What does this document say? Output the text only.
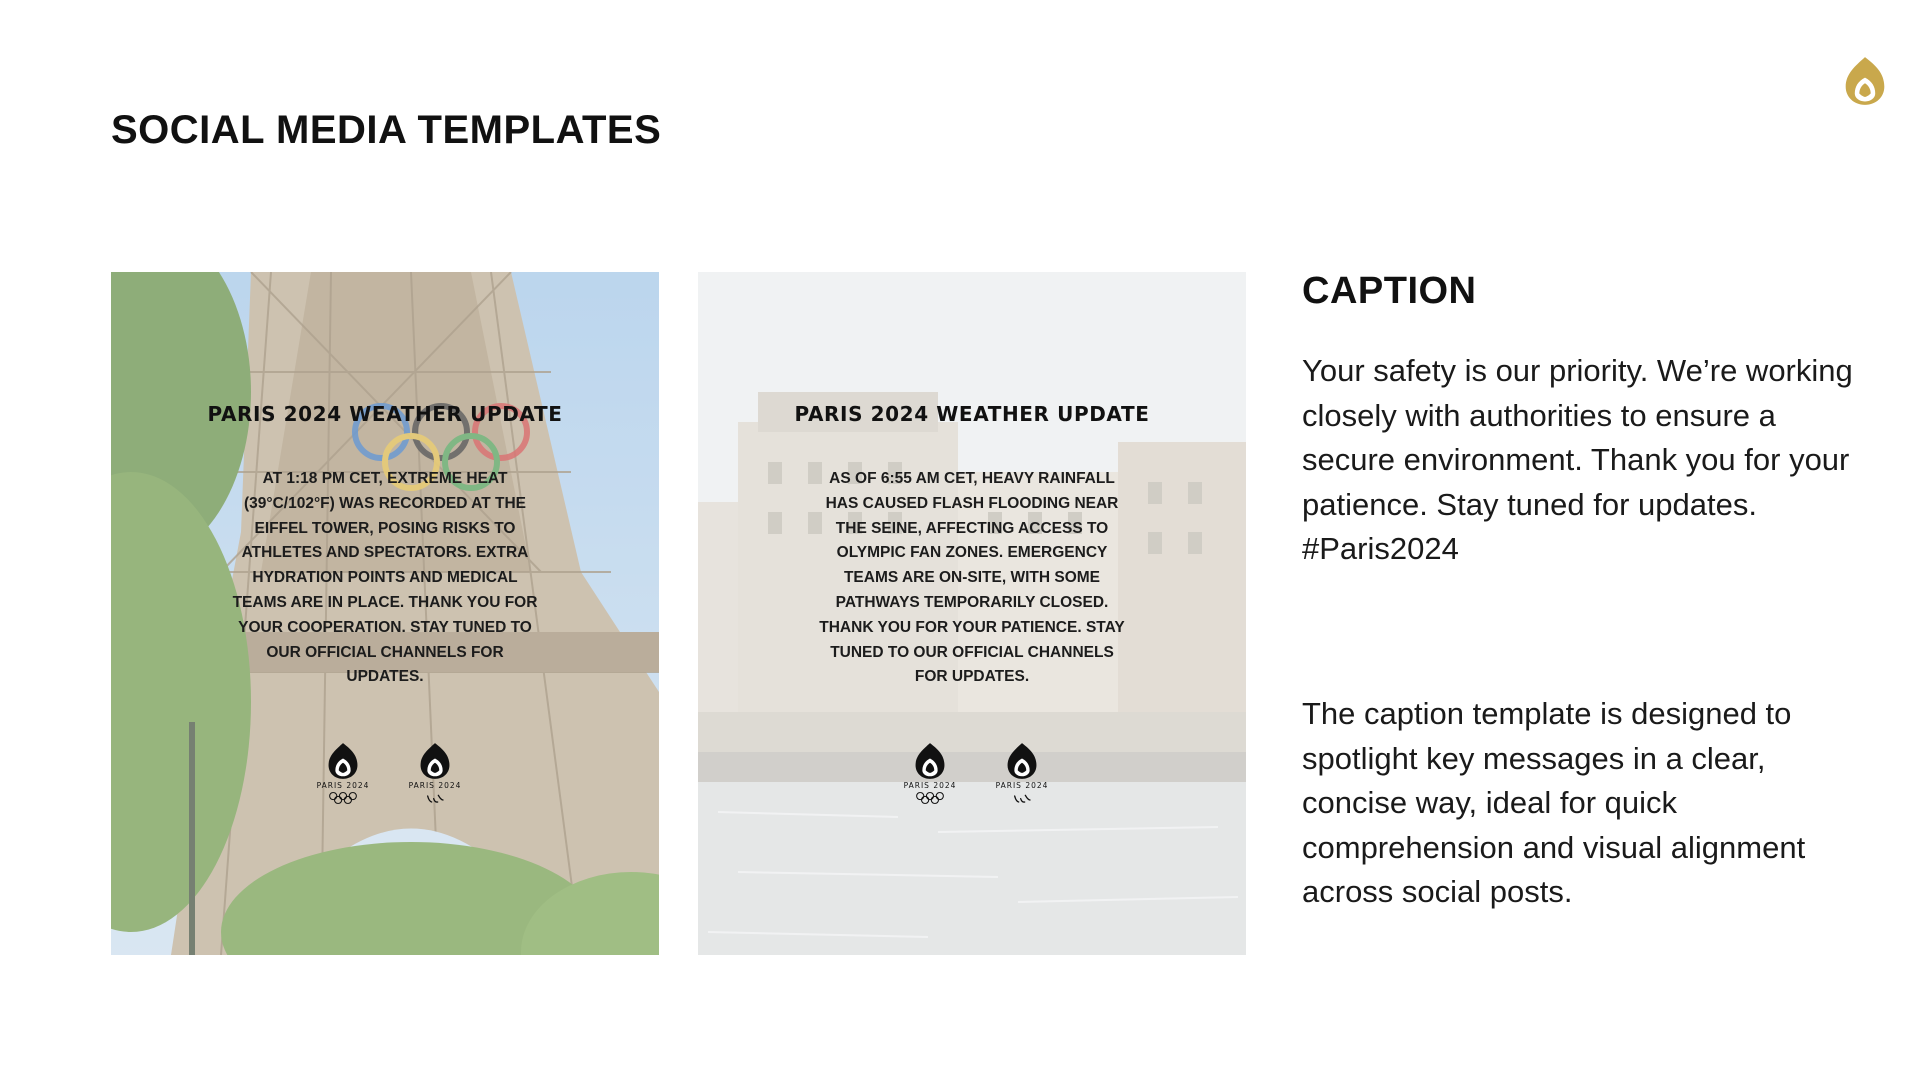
SOCIAL MEDIA TEMPLATES
PARIS 2024 WEATHER UPDATE
AT 1:18 PM CET, EXTREME HEAT (39°C/102°F) WAS RECORDED AT THE EIFFEL TOWER, POSING RISKS TO ATHLETES AND SPECTATORS. EXTRA HYDRATION POINTS AND MEDICAL TEAMS ARE IN PLACE. THANK YOU FOR YOUR COOPERATION. STAY TUNED TO OUR OFFICIAL CHANNELS FOR UPDATES.
PARIS 2024	PARIS 2024
PARIS 2024 WEATHER UPDATE
AS OF 6:55 AM CET, HEAVY RAINFALL HAS CAUSED FLASH FLOODING NEAR THE SEINE, AFFECTING ACCESS TO OLYMPIC FAN ZONES. EMERGENCY TEAMS ARE ON-SITE, WITH SOME PATHWAYS TEMPORARILY CLOSED. THANK YOU FOR YOUR PATIENCE. STAY TUNED TO OUR OFFICIAL CHANNELS FOR UPDATES.
PARIS 2024	PARIS 2024
CAPTION

Your safety is our priority. We’re working closely with authorities to ensure a secure environment. Thank you for your patience. Stay tuned for updates. #Paris2024

The caption template is designed to spotlight key messages in a clear, concise way, ideal for quick comprehension and visual alignment across social posts.
